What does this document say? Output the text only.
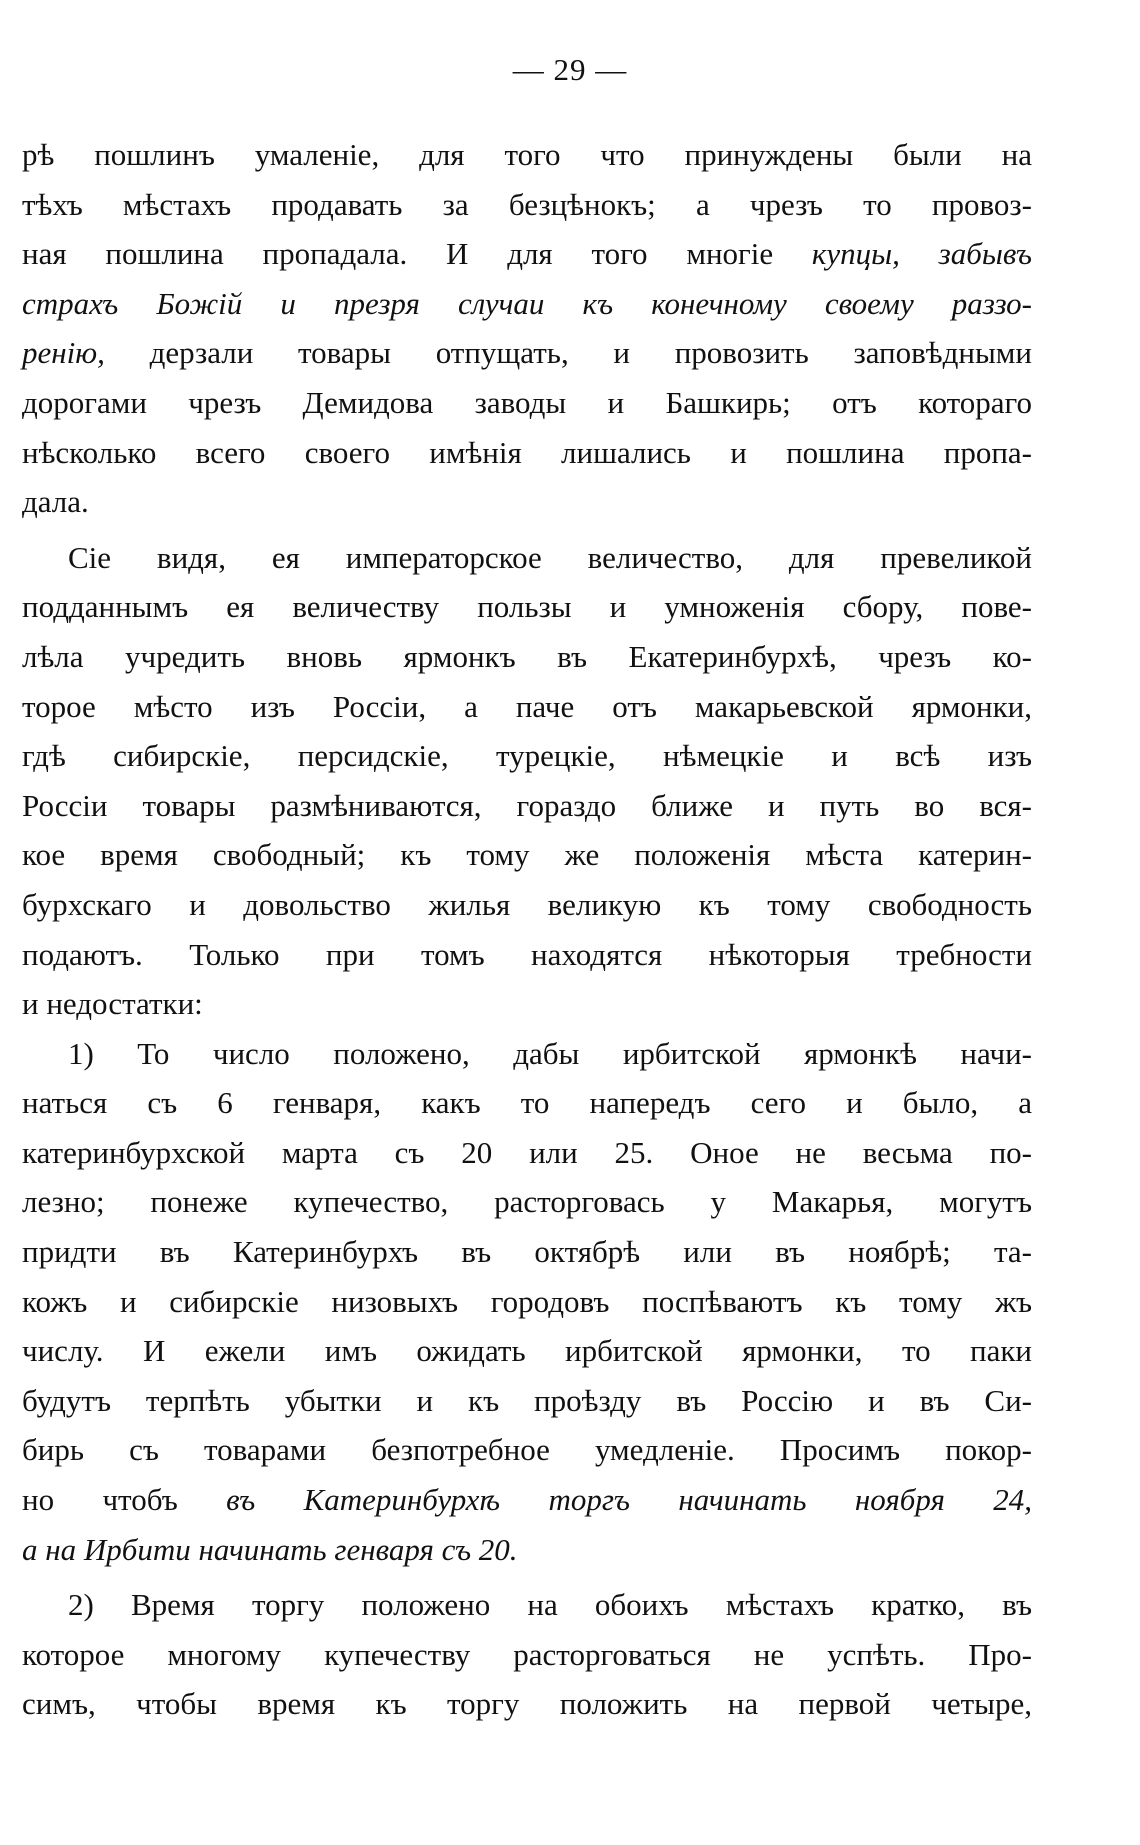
— 29 —
рѣ пошлинъ умаленіе, для того что принуждены были на
тѣхъ мѣстахъ продавать за безцѣнокъ; а чрезъ то провоз-
ная пошлина пропадала. И для того многіе купцы, забывъ
страхъ Божій и презря случаи къ конечному своему раззо-
ренію, дерзали товары отпущать, и провозить заповѣдными
дорогами чрезъ Демидова заводы и Башкирь; отъ котораго
нѣсколько всего своего имѣнія лишались и пошлина пропа-
дала.
Сіе видя, ея императорское величество, для превеликой
подданнымъ ея величеству пользы и умноженія сбору, пове-
лѣла учредить вновь ярмонкъ въ Екатеринбурхѣ, чрезъ ко-
торое мѣсто изъ Россіи, а паче отъ макарьевской ярмонки,
гдѣ сибирскіе, персидскіе, турецкіе, нѣмецкіе и всѣ изъ
Россіи товары размѣниваются, гораздо ближе и путь во вся-
кое время свободный; къ тому же положенія мѣста катерин-
бурхскаго и довольство жилья великую къ тому свободность
подаютъ. Только при томъ находятся нѣкоторыя требности
и недостатки:
1) То число положено, дабы ирбитской ярмонкѣ начи-
наться съ 6 генваря, какъ то напередъ сего и было, а
катеринбурхской марта съ 20 или 25. Оное не весьма по-
лезно; понеже купечество, расторговась у Макарья, могутъ
придти въ Катеринбурхъ въ октябрѣ или въ ноябрѣ; та-
кожъ и сибирскіе низовыхъ городовъ поспѣваютъ къ тому жъ
числу. И ежели имъ ожидать ирбитской ярмонки, то паки
будутъ терпѣть убытки и къ проѣзду въ Россію и въ Си-
бирь съ товарами безпотребное умедленіе. Просимъ покор-
но чтобъ въ Катеринбурхѣ торгъ начинать ноября 24,
а на Ирбити начинать генваря съ 20.
2) Время торгу положено на обоихъ мѣстахъ кратко, въ
которое многому купечеству расторговаться не успѣть. Про-
симъ, чтобы время къ торгу положить на первой четыре,
